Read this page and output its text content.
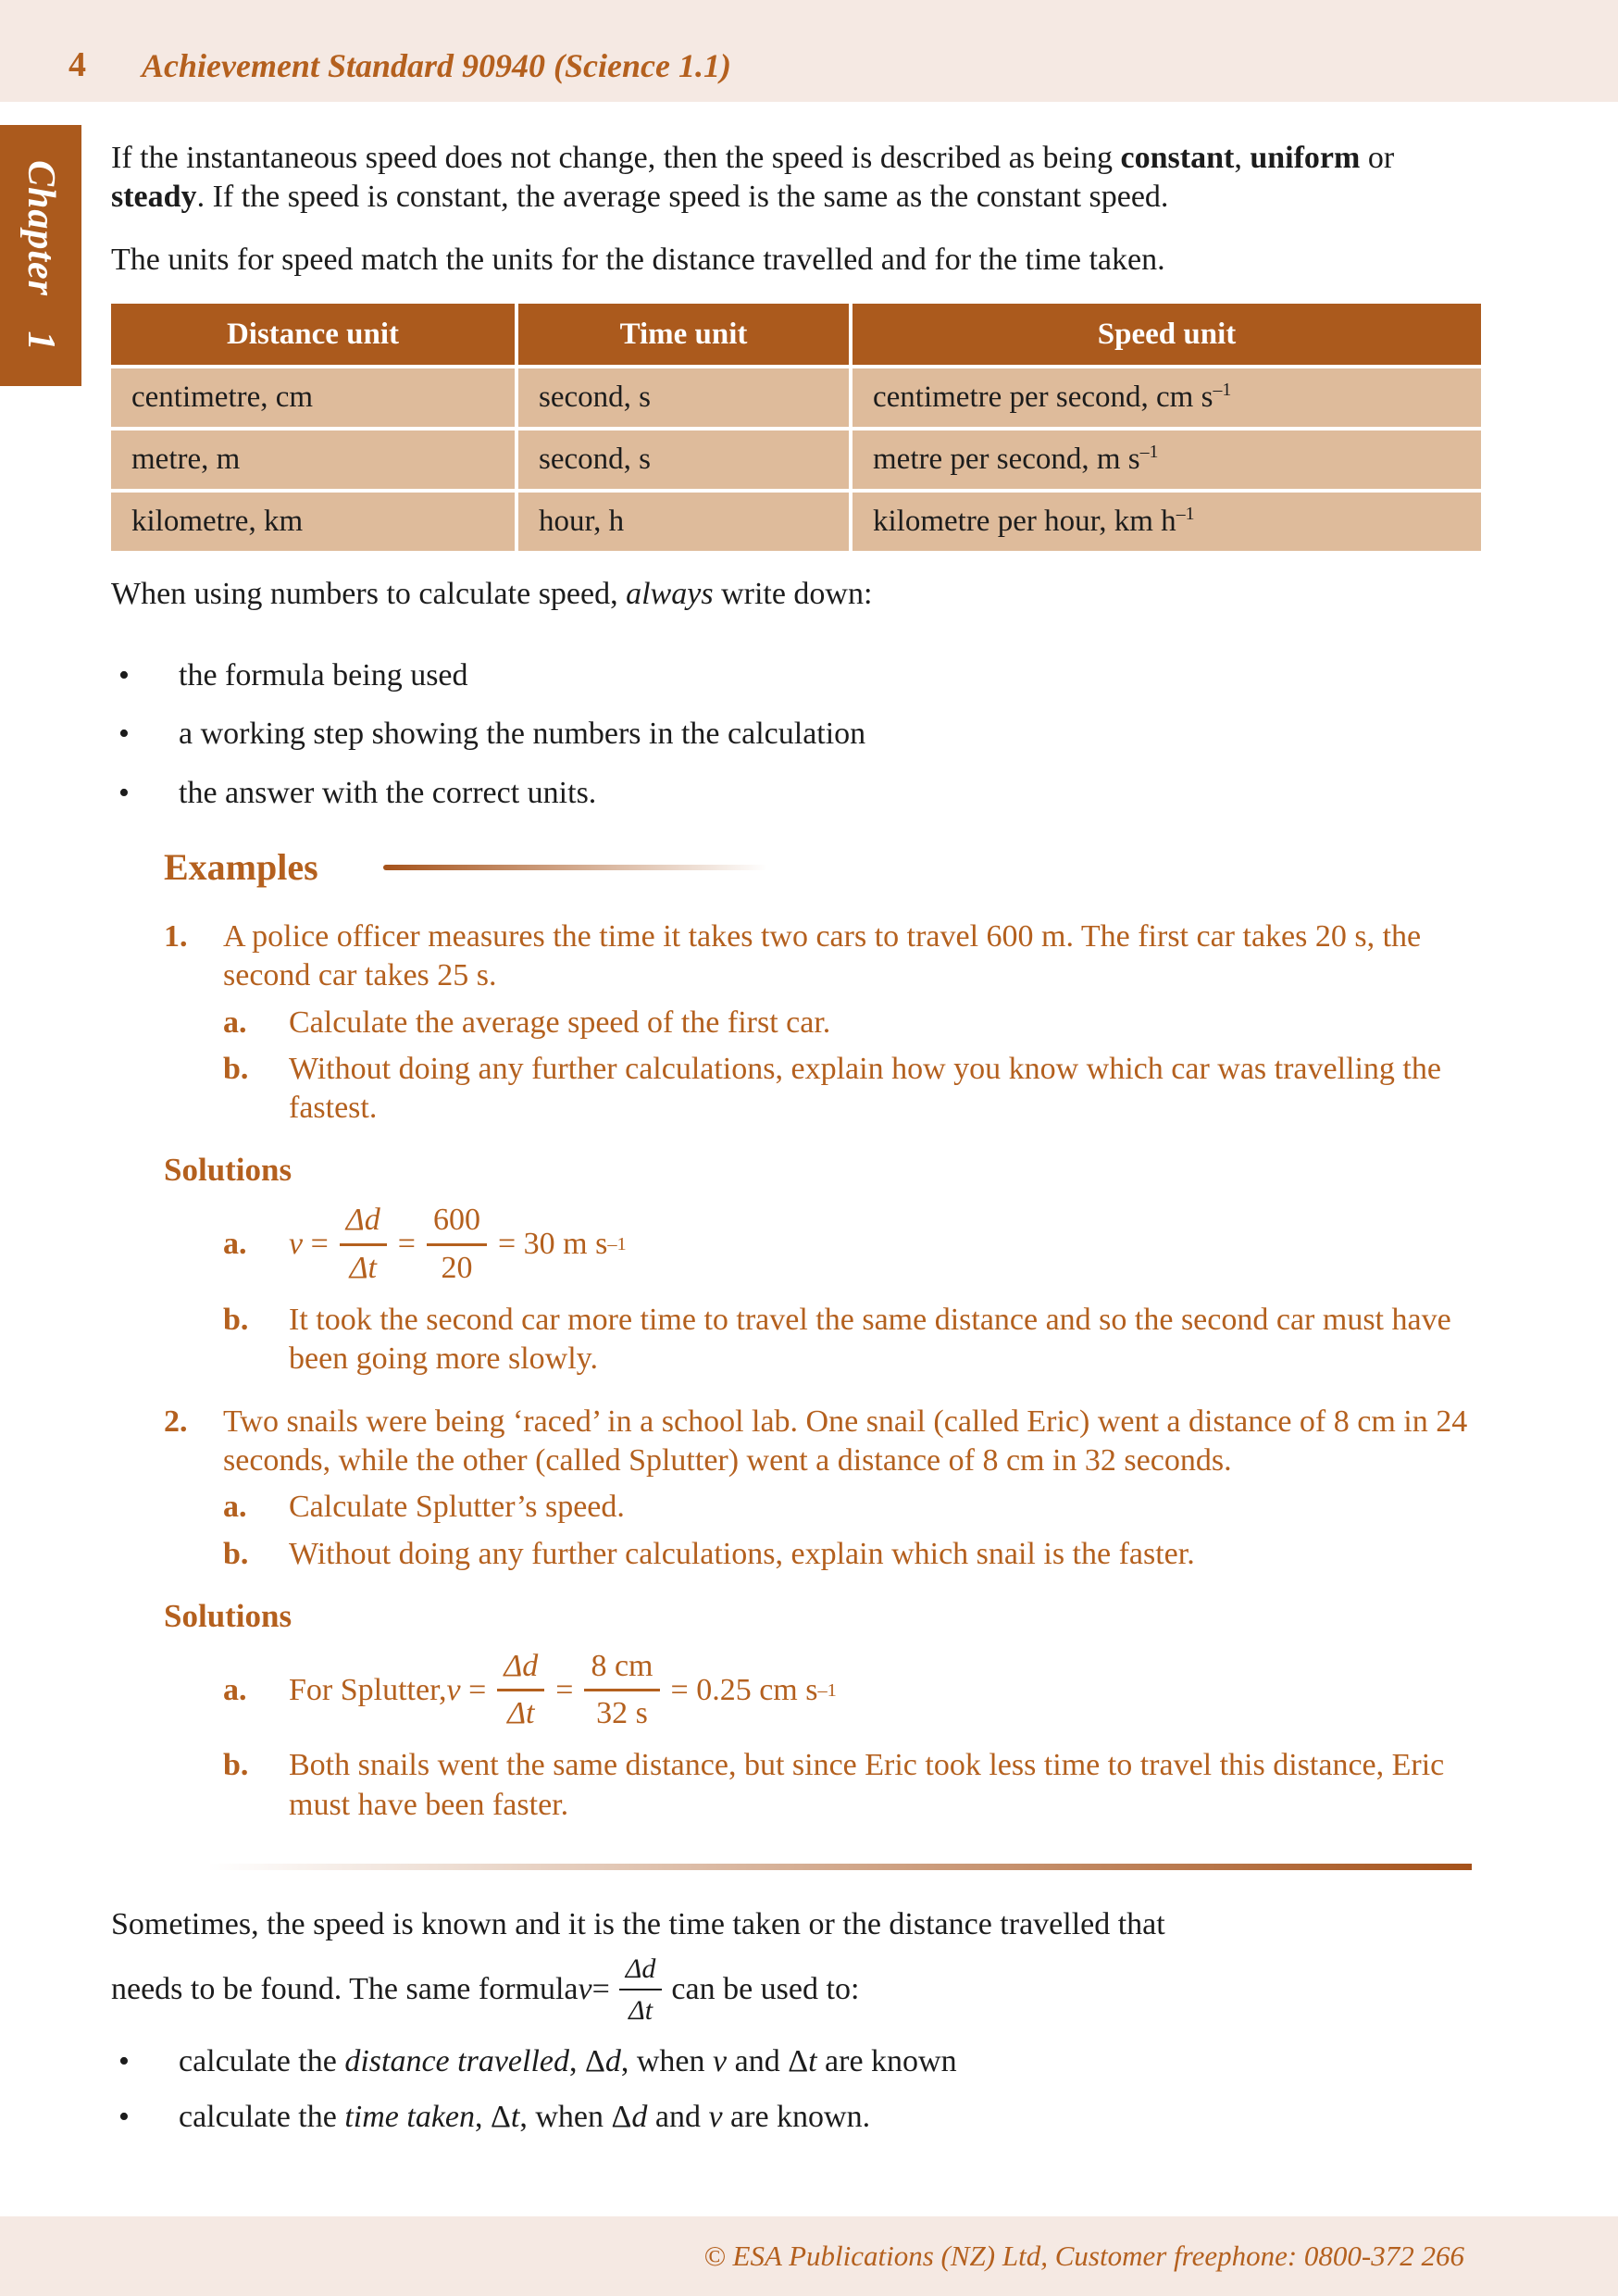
4 Achievement Standard 90940 (Science 1.1)
Chapter 1

If the instantaneous speed does not change, then the speed is described as being constant, uniform or steady. If the speed is constant, the average speed is the same as the constant speed.

The units for speed match the units for the distance travelled and for the time taken.

Distance unit	Time unit	Speed unit
centimetre, cm	second, s	centimetre per second, cm $s^{-1}$
metre, m	second, s	metre per second, m $s^{-1}$
kilometre, km	hour, h	kilometre per hour, km $h^{-1}$

When using numbers to calculate speed, always write down:

• the formula being used
• a working step showing the numbers in the calculation
• the answer with the correct units.
Examples
1.	A police officer measures the time it takes two cars to travel 600 m. The first car takes 20 s, the second car takes 25 s.
a.	Calculate the average speed of the first car.
b.	Without doing any further calculations, explain how you know which car was travelling the fastest.
Solutions
a.	v
= $\frac{\Delta d}{\Delta t} = \frac{600}{20}$ =
30 m s –1
b.	It took the second car more time to travel the same distance and so the second car must have been going more slowly.
2.	Two snails were being ‘raced’ in a school lab. One snail (called Eric) went a distance of 8 cm in 24 seconds, while the other (called Splutter) went a distance of 8 cm in 32 seconds.
a.	Calculate Splutter’s speed.
b.	Without doing any further calculations, explain which snail is the faster.
Solutions
a.	For Splutter, v
= $\frac{\Delta d}{\Delta t} = \frac{8 cm}{32 s}$ =
0.25 cm s –1
b.	Both snails went the same distance, but since Eric took less time to travel this distance, Eric must have been faster.
Sometimes, the speed is known and it is the time taken or the distance travelled that
needs to be found. The same formula $v = \frac{\Delta d}{\Delta t}$ can be used to:
• calculate the distance travelled, Δd, when v and Δt are known
• calculate the time taken, Δt, when Δd and v are known.
© ESA Publications (NZ) Ltd, Customer freephone: 0800-372 266
